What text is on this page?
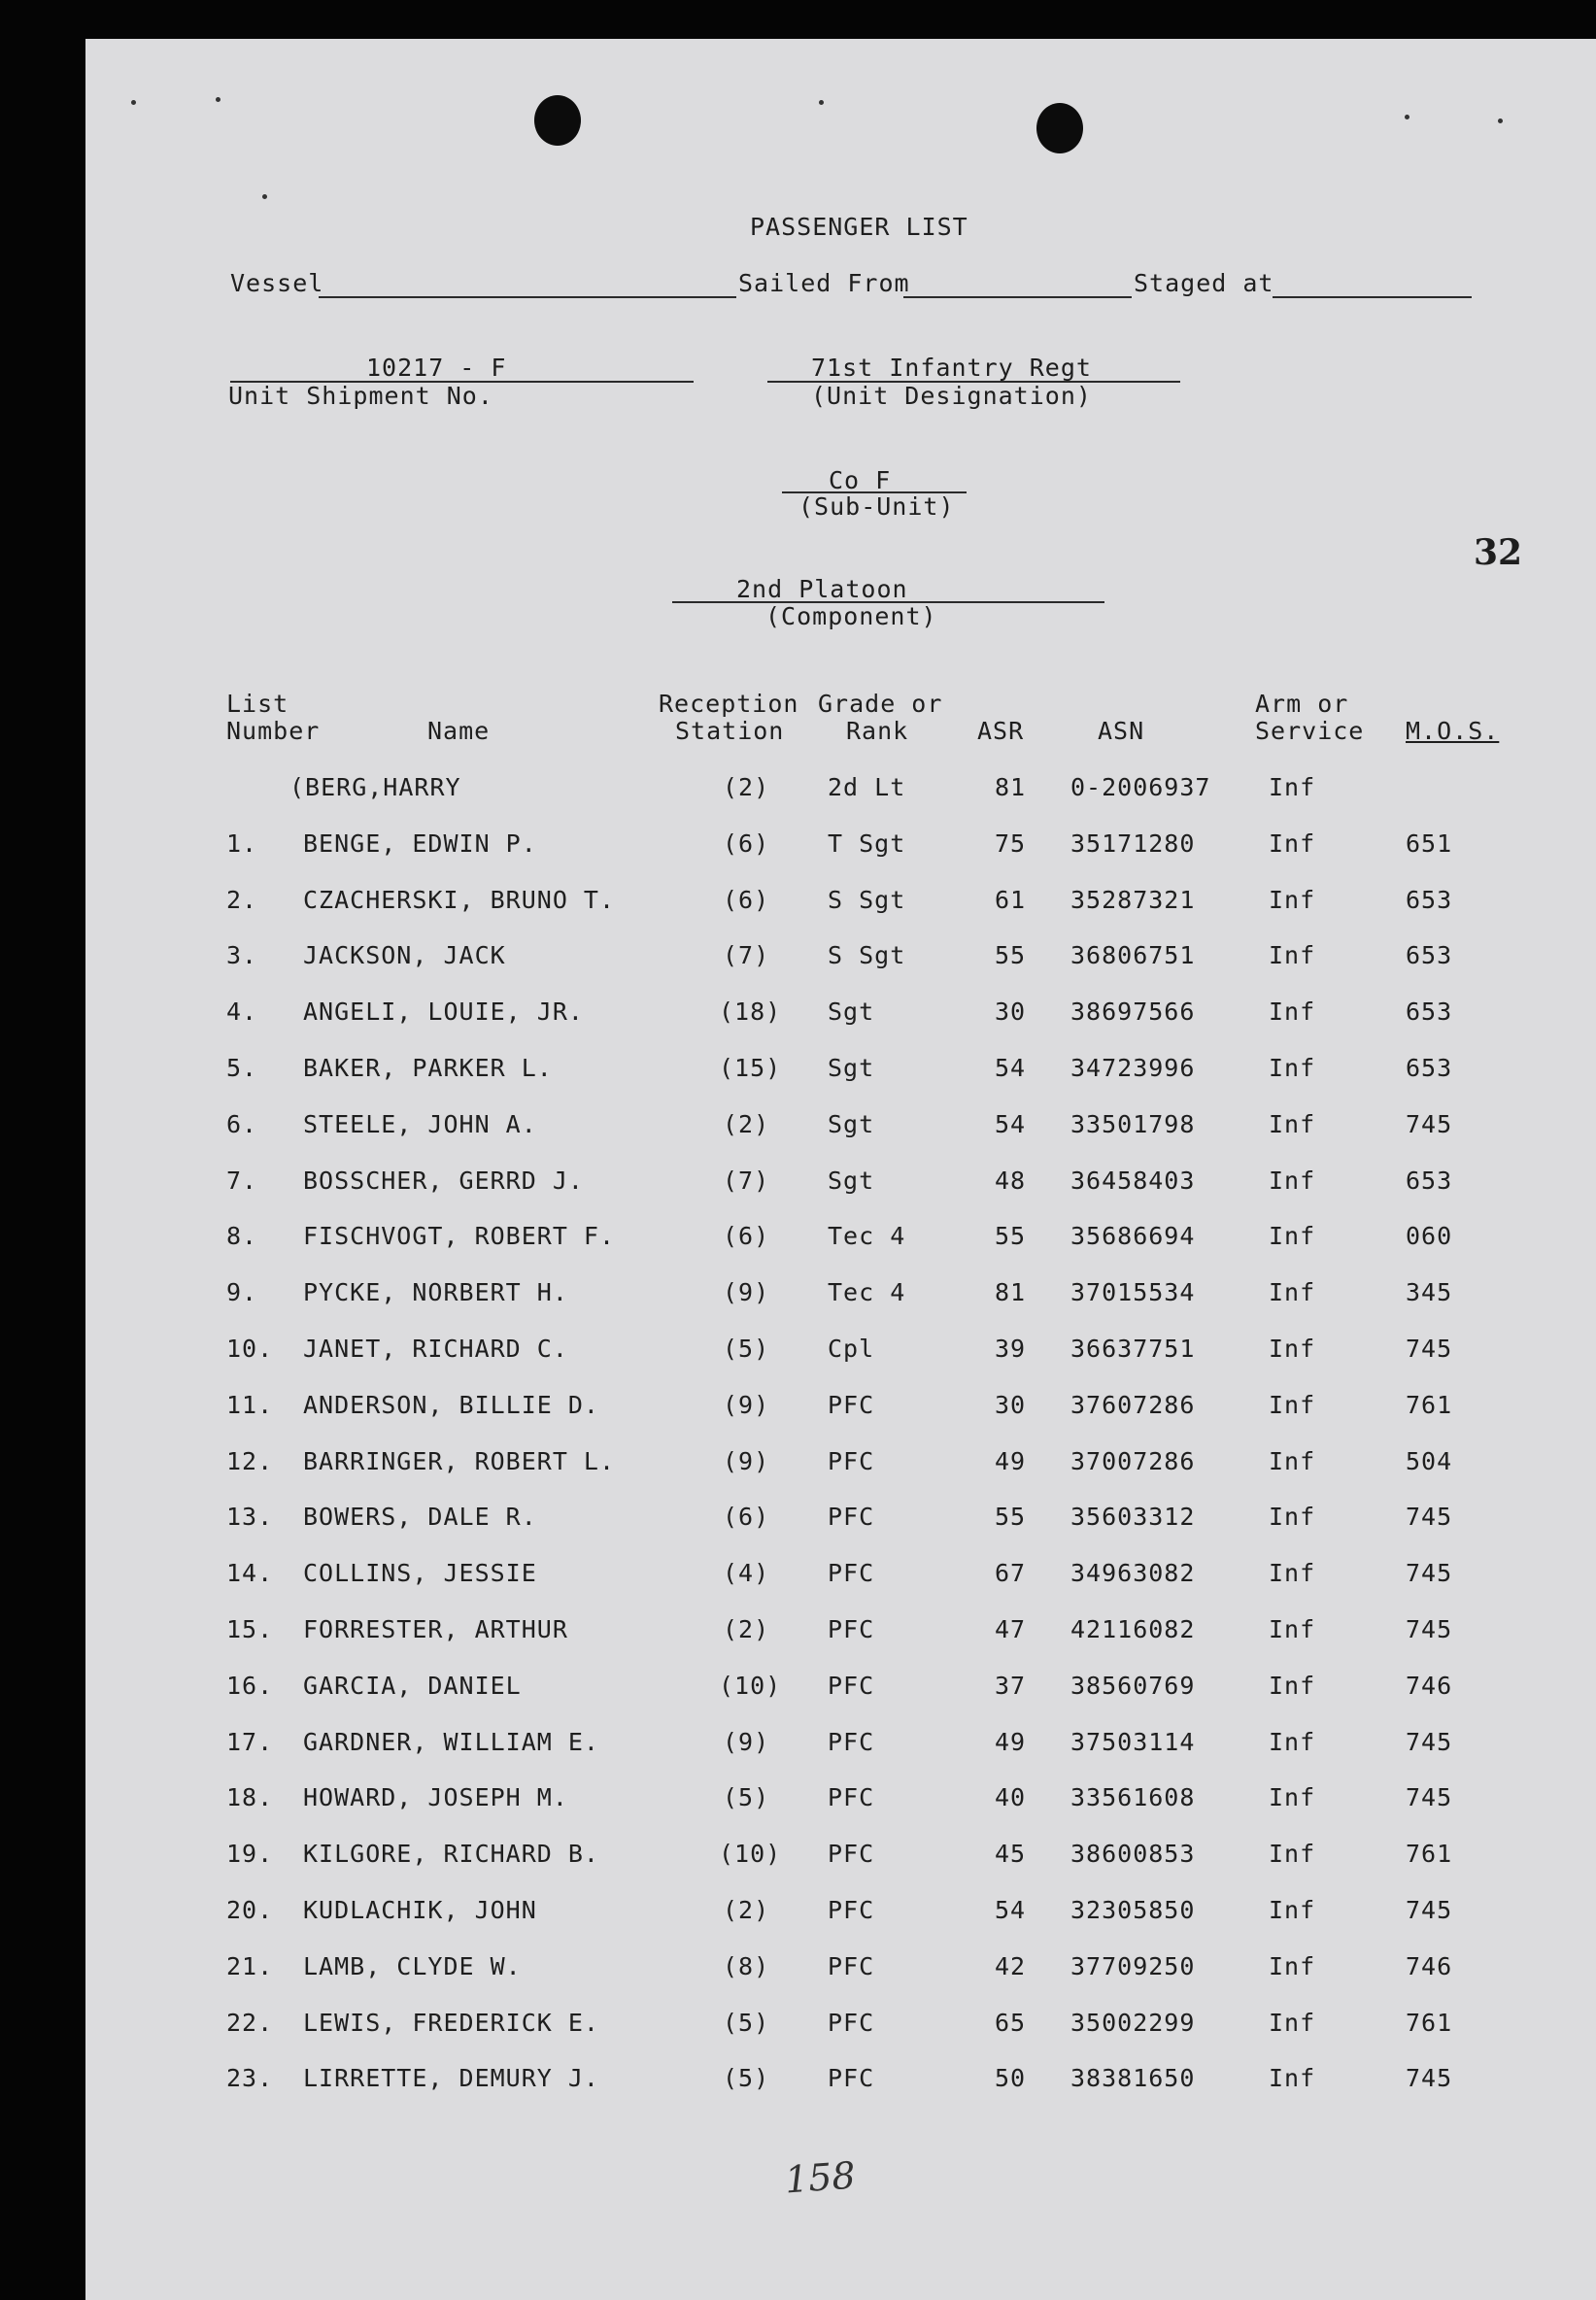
PASSENGER LIST
Vessel	Sailed From	Staged at
10217 - F
Unit Shipment No.
71st Infantry Regt
(Unit Designation)
Co F
(Sub-Unit)
32
2nd Platoon
(Component)
List
Number	Name
Reception
Station
Grade or
Rank	ASR	ASN
Arm or
Service M.O.S.
(BERG,HARRY	(2) 2d Lt	81 0-2006937 Inf
1. BENGE, EDWIN P.	(6) T Sgt	75 35171280	Inf	651
2. CZACHERSKI, BRUNO T.	(6) S Sgt	61 35287321	Inf	653
3. JACKSON, JACK	(7) S Sgt	55 36806751	Inf	653
4. ANGELI, LOUIE, JR.	(18) Sgt	30 38697566	Inf	653
5. BAKER, PARKER L.	(15) Sgt	54 34723996	Inf	653
6. STEELE, JOHN A.	(2) Sgt	54 33501798	Inf	745
7. BOSSCHER, GERRD J.	(7) Sgt	48 36458403	Inf	653
8. FISCHVOGT, ROBERT F.	(6) Tec 4	55 35686694	Inf	060
9. PYCKE, NORBERT H.	(9) Tec 4	81 37015534	Inf	345
10. JANET, RICHARD C.	(5) Cpl	39 36637751	Inf	745
11. ANDERSON, BILLIE D.	(9) PFC	30 37607286	Inf	761
12. BARRINGER, ROBERT L.	(9) PFC	49 37007286	Inf	504
13. BOWERS, DALE R.	(6) PFC	55 35603312	Inf	745
14. COLLINS, JESSIE	(4) PFC	67 34963082	Inf	745
15. FORRESTER, ARTHUR	(2) PFC	47 42116082	Inf	745
16. GARCIA, DANIEL	(10) PFC	37 38560769	Inf	746
17. GARDNER, WILLIAM E.	(9) PFC	49 37503114	Inf	745
18. HOWARD, JOSEPH M.	(5) PFC	40 33561608	Inf	745
19. KILGORE, RICHARD B.	(10) PFC	45 38600853	Inf	761
20. KUDLACHIK, JOHN	(2) PFC	54 32305850	Inf	745
21. LAMB, CLYDE W.	(8) PFC	42 37709250	Inf	746
22. LEWIS, FREDERICK E.	(5) PFC	65 35002299	Inf	761
23. LIRRETTE, DEMURY J.	(5) PFC	50 38381650	Inf	745
158
